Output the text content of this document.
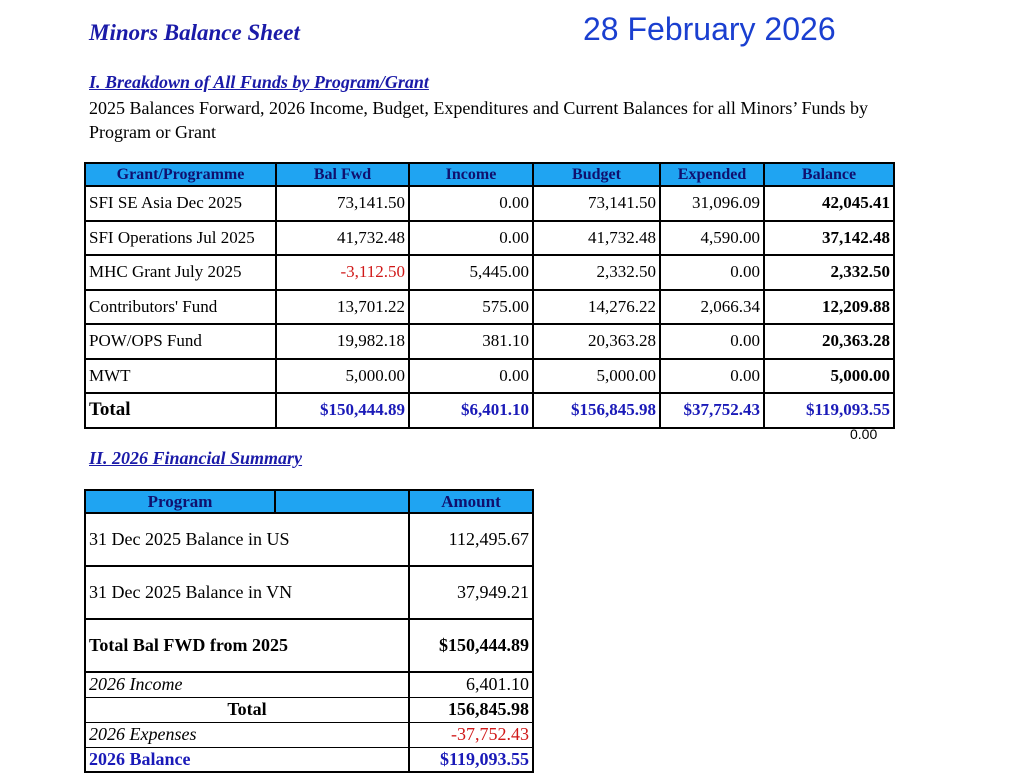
Minors Balance Sheet	28 February 2026
I. Breakdown of All Funds by Program/Grant
2025 Balances Forward, 2026 Income, Budget, Expenditures and Current Balances for all Minors’ Funds by Program or Grant
Grant/Programme	Bal Fwd	Income	Budget	Expended	Balance
SFI SE Asia Dec 2025	73,141.50	0.00	73,141.50	31,096.09	42,045.41
SFI Operations Jul 2025	41,732.48	0.00	41,732.48	4,590.00	37,142.48
MHC Grant July 2025	-3,112.50	5,445.00	2,332.50	0.00	2,332.50
Contributors' Fund	13,701.22	575.00	14,276.22	2,066.34	12,209.88
POW/OPS Fund	19,982.18	381.10	20,363.28	0.00	20,363.28
MWT	5,000.00	0.00	5,000.00	0.00	5,000.00
Total	$150,444.89	$6,401.10	$156,845.98	$37,752.43	$119,093.55
0.00
II. 2026 Financial Summary
Program		Amount
31 Dec 2025 Balance in US		112,495.67
31 Dec 2025 Balance in VN		37,949.21
Total Bal FWD from 2025		$150,444.89
2026 Income		6,401.10
Total		156,845.98
2026 Expenses		-37,752.43
2026 Balance		$119,093.55
